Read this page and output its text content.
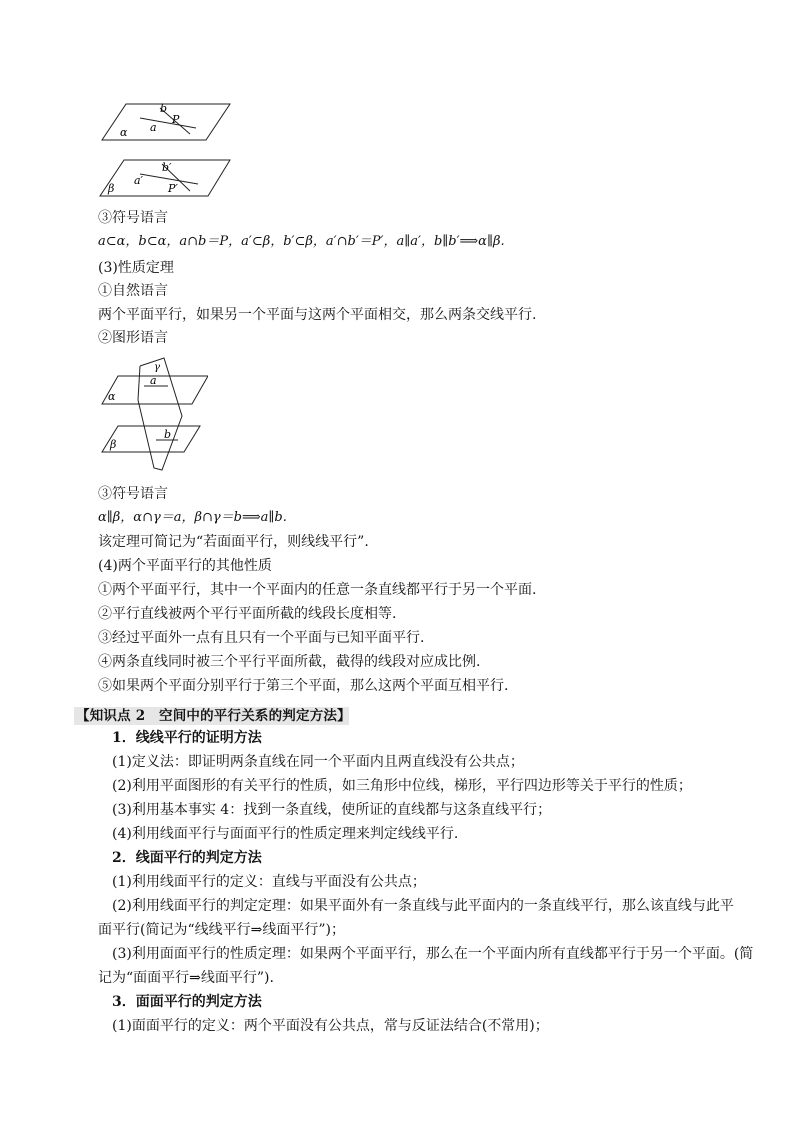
b
P
a
α
b′
a′
P′
β
③符号语言
a⊂α，b⊂α，a∩b＝P，a′⊂β，b′⊂β，a′∩b′＝P′，a∥a′，b∥b′⟹α∥β.
(3)性质定理
①自然语言
两个平面平行，如果另一个平面与这两个平面相交，那么两条交线平行.
②图形语言
α
β
γ
a
b
③符号语言
α∥β，α∩γ＝a，β∩γ＝b⟹a∥b.
该定理可简记为“若面面平行，则线线平行”.
(4)两个平面平行的其他性质
①两个平面平行，其中一个平面内的任意一条直线都平行于另一个平面.
②平行直线被两个平行平面所截的线段长度相等.
③经过平面外一点有且只有一个平面与已知平面平行.
④两条直线同时被三个平行平面所截，截得的线段对应成比例.
⑤如果两个平面分别平行于第三个平面，那么这两个平面互相平行.
【知识点 2　空间中的平行关系的判定方法】
1．线线平行的证明方法
(1)定义法：即证明两条直线在同一个平面内且两直线没有公共点；
(2)利用平面图形的有关平行的性质，如三角形中位线，梯形，平行四边形等关于平行的性质；
(3)利用基本事实 4：找到一条直线，使所证的直线都与这条直线平行；
(4)利用线面平行与面面平行的性质定理来判定线线平行.
2．线面平行的判定方法
(1)利用线面平行的定义：直线与平面没有公共点；
(2)利用线面平行的判定定理：如果平面外有一条直线与此平面内的一条直线平行，那么该直线与此平
面平行(简记为“线线平行⇒线面平行”)；
(3)利用面面平行的性质定理：如果两个平面平行，那么在一个平面内所有直线都平行于另一个平面。(简
记为“面面平行⇒线面平行”).
3．面面平行的判定方法
(1)面面平行的定义：两个平面没有公共点，常与反证法结合(不常用)；
